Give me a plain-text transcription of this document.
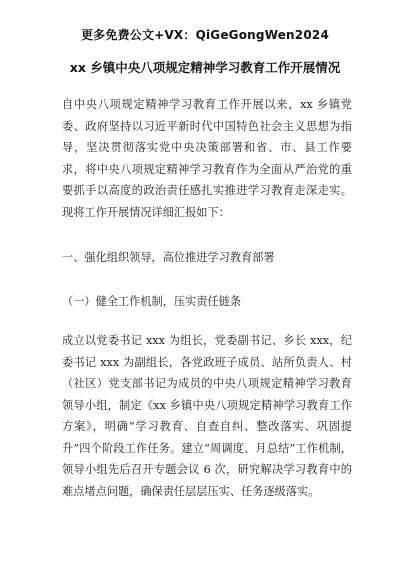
更多免费公文+VX：QiGeGongWen2024
xx 乡镇中央八项规定精神学习教育工作开展情况

自中央八项规定精神学习教育工作开展以来，xx 乡镇党委、政府坚持以习近平新时代中国特色社会主义思想为指导，坚决贯彻落实党中央决策部署和省、市、县工作要求，将中央八项规定精神学习教育作为全面从严治党的重要抓手以高度的政治责任感扎实推进学习教育走深走实。现将工作开展情况详细汇报如下：

一、强化组织领导，高位推进学习教育部署

（一）健全工作机制，压实责任链条

成立以党委书记 xxx 为组长，党委副书记、乡长 xxx，纪委书记 xxx 为副组长，各党政班子成员、站所负责人、村（社区）党支部书记为成员的中央八项规定精神学习教育领导小组，制定《xx 乡镇中央八项规定精神学习教育工作方案》，明确“学习教育、自查自纠、整改落实、巩固提升”四个阶段工作任务。建立“周调度、月总结”工作机制，领导小组先后召开专题会议 6 次，研究解决学习教育中的难点堵点问题，确保责任层层压实、任务逐级落实。
